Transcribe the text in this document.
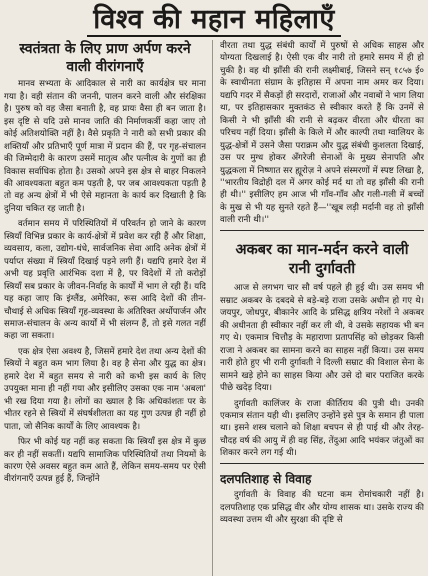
विश्व की महान महिलाएँ
स्वतंत्रता के लिए प्राण अर्पण करने
वाली वीरांगनाएँ

मानव सभ्यता के आदिकाल से नारी का कार्यक्षेत्र घर माना गया है। वही संतान की जननी, पालन करने वाली और संरक्षिका है। पुरुष को वह जैसा बनाती है, वह प्रायः वैसा ही बन जाता है। इस दृष्टि से यदि उसे मानव जाति की निर्माणकर्त्री कहा जाए तो कोई अतिशयोक्ति नहीं है। वैसे प्रकृति ने नारी को सभी प्रकार की शक्तियाँ और प्रतिभाएँ पूर्ण मात्रा में प्रदान की हैं, पर गृह-संचालन की जिम्मेदारी के कारण उसमें मातृत्व और पत्नीत्व के गुणों का ही विकास सर्वाधिक होता है। उसको अपने इस क्षेत्र से बाहर निकलने की आवश्यकता बहुत कम पड़ती है, पर जब आवश्यकता पड़ती है तो वह अन्य क्षेत्रों में भी ऐसे महानता के कार्य कर दिखाती है कि दुनिया चकित रह जाती है।

वर्तमान समय में परिस्थितियों में परिवर्तन हो जाने के कारण स्त्रियाँ विभिन्न प्रकार के कार्य-क्षेत्रों में प्रवेश कर रही हैं और शिक्षा, व्यवसाय, कला, उद्योग-धंधे, सार्वजनिक सेवा आदि अनेक क्षेत्रों में पर्याप्त संख्या में स्त्रियाँ दिखाई पड़ने लगी हैं। यद्यपि हमारे देश में अभी यह प्रवृत्ति आरंभिक दशा में है, पर विदेशों में तो करोड़ों स्त्रियाँ सब प्रकार के जीवन-निर्वाह के कार्यों में भाग ले रही हैं। यदि यह कहा जाए कि इंग्लैंड, अमेरिका, रूस आदि देशों की तीन-चौथाई से अधिक स्त्रियाँ गृह-व्यवस्था के अतिरिक्त अर्थोपार्जन और समाज-संचालन के अन्य कार्यों में भी संलग्न हैं, तो इसे गलत नहीं कहा जा सकता।

एक क्षेत्र ऐसा अवश्य है, जिसमें हमारे देश तथा अन्य देशों की स्त्रियों ने बहुत कम भाग लिया है। वह है सेना और युद्ध का क्षेत्र। हमारे देश में बहुत समय से नारी को कभी इस कार्य के लिए उपयुक्त माना ही नहीं गया और इसीलिए उसका एक नाम 'अबला' भी रख दिया गया है। लोगों का ख्याल है कि अधिकांशतः पर के भीतर रहने से स्त्रियों में संघर्षशीलता का यह गुण उत्पन्न ही नहीं हो पाता, जो सैनिक कार्यों के लिए आवश्यक है।

फिर भी कोई यह नहीं कह सकता कि स्त्रियाँ इस क्षेत्र में कुछ कर ही नहीं सकतीं। यद्यपि सामाजिक परिस्थितियों तथा नियमों के कारण ऐसे अवसर बहुत कम आते हैं, लेकिन समय-समय पर ऐसी वीरांगनाएँ उत्पन्न हुई हैं, जिन्होंने

वीरता तथा युद्ध संबंधी कार्यों में पुरुषों से अधिक साहस और योग्यता दिखलाई है। ऐसी एक वीर नारी तो हमारे समय में ही हो चुकी है। वह थी झाँसी की रानी लक्ष्मीबाई, जिसने सन् १८५७ ई० के स्वाधीनता संग्राम के इतिहास में अपना नाम अमर कर दिया। यद्यपि गदर में सैकड़ों ही सरदारों, राजाओं और नवाबों ने भाग लिया था, पर इतिहासकार मुक्तकंठ से स्वीकार करते हैं कि उनमें से किसी ने भी झाँसी की रानी से बढ़कर वीरता और धीरता का परिचय नहीं दिया। झाँसी के किले में और काल्पी तथा ग्वालियर के युद्ध-क्षेत्रों में उसने जैसा पराक्रम और युद्ध संबंधी कुशलता दिखाई, उस पर मुग्ध होकर अँगरेजी सेनाओं के मुख्य सेनापति और युद्धकला में निष्णात सर ह्यूरोज़ ने अपने संस्मरणों में स्पष्ट लिखा है, ''भारतीय विद्रोही दल में अगर कोई मर्द था तो वह झाँसी की रानी ही थी।'' इसीलिए हम आज भी गाँव-गाँव और गली-गली में बच्चों के मुख से भी यह सुनते रहते हैं—''खूब लड़ी मर्दानी वह तो झाँसी वाली रानी थी।''

अकबर का मान-मर्दन करने वाली
रानी दुर्गावती

आज से लगभग चार सौ वर्ष पहले ही हुई थी। उस समय भी सम्राट अकबर के दबदबे से बड़े-बड़े राजा उसके अधीन हो गए थे। जयपुर, जोधपुर, बीकानेर आदि के प्रसिद्ध क्षत्रिय नरेशों ने अकबर की अधीनता ही स्वीकार नहीं कर ली थी, वे उसके सहायक भी बन गए थे। एकमात्र चित्तौड़ के महाराणा प्रतापसिंह को छोड़कर किसी राजा ने अकबर का सामना करने का साहस नहीं किया। उस समय नारी होते हुए भी रानी दुर्गावती ने दिल्ली सम्राट की विशाल सेना के सामने खड़े होने का साहस किया और उसे दो बार पराजित करके पीछे खदेड़ दिया।

दुर्गावती कालिंजर के राजा कीर्तिराय की पुत्री थी। उनकी एकमात्र संतान यही थी। इसलिए उन्होंने इसे पुत्र के समान ही पाला था। इसने शस्त्र चलाने को शिक्षा बचपन से ही पाई थी और तेरह-चौदह वर्ष की आयु में ही वह सिंह, तेंदुआ आदि भयंकर जंतुओं का शिकार करने लग गई थी।

दलपतिशाह से विवाह

दुर्गावती के विवाह की घटना कम रोमांचकारी नहीं है। दलपतिशाह एक प्रसिद्ध वीर और योग्य शासक था। उसके राज्य की व्यवस्था उत्तम थी और सुरक्षा की दृष्टि से
